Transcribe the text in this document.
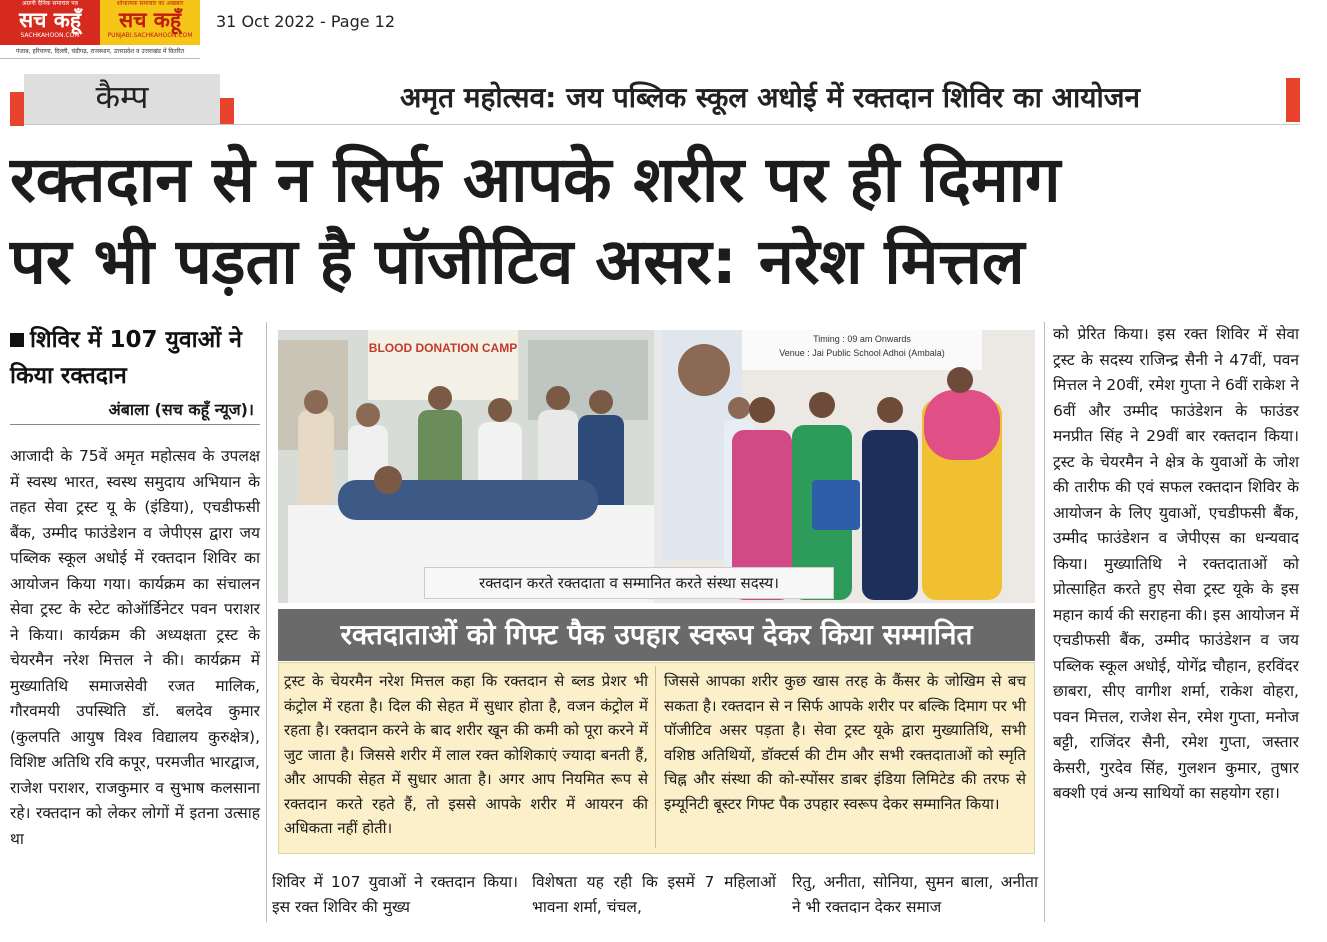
अग्रणी दैनिक समाचार पत्र
सच कहूँ
SACHKAHOON.COM
शोधात्मक समाचार का अखबार
सच कहूँ
PUNJABI.SACHKAHOON.COM
पंजाब, हरियाणा, दिल्ली, चंडीगढ़, राजस्थान, उत्तरप्रदेश व उत्तराखंड में वितरित
31 Oct 2022 - Page 12
कैम्प	अमृत महोत्सव: जय पब्लिक स्कूल अधोई में रक्तदान शिविर का आयोजन
रक्तदान से न सिर्फ आपके शरीर पर ही दिमाग
पर भी पड़ता है पॉजीटिव असर: नरेश मित्तल
शिविर में 107 युवाओं ने किया रक्तदान
अंबाला (सच कहूँ न्यूज)।
आजादी के 75वें अमृत महोत्सव के उपलक्ष में स्वस्थ भारत, स्वस्थ समुदाय अभियान के तहत सेवा ट्रस्ट यू के (इंडिया), एचडीफसी बैंक, उम्मीद फाउंडेशन व जेपीएस द्वारा जय पब्लिक स्कूल अधोई में रक्तदान शिविर का आयोजन किया गया। कार्यक्रम का संचालन सेवा ट्रस्ट के स्टेट कोऑर्डिनेटर पवन पराशर ने किया। कार्यक्रम की अध्यक्षता ट्रस्ट के चेयरमैन नरेश मित्तल ने की। कार्यक्रम में मुख्यातिथि समाजसेवी रजत मालिक, गौरवमयी उपस्थिति डॉ. बलदेव कुमार (कुलपति आयुष विश्व विद्यालय कुरुक्षेत्र), विशिष्ट अतिथि रवि कपूर, परमजीत भारद्वाज, राजेश पराशर, राजकुमार व सुभाष कलसाना रहे। रक्तदान को लेकर लोगों में इतना उत्साह था
BLOOD DONATION CAMP
Timing : 09 am Onwards
Venue : Jai Public School Adhoi (Ambala)
रक्तदान करते रक्तदाता व सम्मानित करते संस्था सदस्य।
रक्तदाताओं को गिफ्ट पैक उपहार स्वरूप देकर किया सम्मानित
ट्रस्ट के चेयरमैन नरेश मित्तल कहा कि रक्तदान से ब्लड प्रेशर भी कंट्रोल में रहता है। दिल की सेहत में सुधार होता है, वजन कंट्रोल में रहता है। रक्तदान करने के बाद शरीर खून की कमी को पूरा करने में जुट जाता है। जिससे शरीर में लाल रक्त कोशिकाएं ज्यादा बनती हैं, और आपकी सेहत में सुधार आता है। अगर आप नियमित रूप से रक्तदान करते रहते हैं, तो इससे आपके शरीर में आयरन की अधिकता नहीं होती।
जिससे आपका शरीर कुछ खास तरह के कैंसर के जोखिम से बच सकता है। रक्तदान से न सिर्फ आपके शरीर पर बल्कि दिमाग पर भी पॉजीटिव असर पड़ता है। सेवा ट्रस्ट यूके द्वारा मुख्यातिथि, सभी वशिष्ठ अतिथियों, डॉक्टर्स की टीम और सभी रक्तदाताओं को स्मृति चिह्न और संस्था की को-स्पोंसर डाबर इंडिया लिमिटेड की तरफ से इम्यूनिटी बूस्टर गिफ्ट पैक उपहार स्वरूप देकर सम्मानित किया।
शिविर में 107 युवाओं ने रक्तदान किया। इस रक्त शिविर की मुख्य
विशेषता यह रही कि इसमें 7 महिलाओं भावना शर्मा, चंचल,
रितु, अनीता, सोनिया, सुमन बाला, अनीता ने भी रक्तदान देकर समाज
को प्रेरित किया। इस रक्त शिविर में सेवा ट्रस्ट के सदस्य राजिन्द्र सैनी ने 47वीं, पवन मित्तल ने 20वीं, रमेश गुप्ता ने 6वीं राकेश ने 6वीं और उम्मीद फाउंडेशन के फाउंडर मनप्रीत सिंह ने 29वीं बार रक्तदान किया। ट्रस्ट के चेयरमैन ने क्षेत्र के युवाओं के जोश की तारीफ की एवं सफल रक्तदान शिविर के आयोजन के लिए युवाओं, एचडीफसी बैंक, उम्मीद फाउंडेशन व जेपीएस का धन्यवाद किया। मुख्यातिथि ने रक्तदाताओं को प्रोत्साहित करते हुए सेवा ट्रस्ट यूके के इस महान कार्य की सराहना की। इस आयोजन में एचडीफसी बैंक, उम्मीद फाउंडेशन व जय पब्लिक स्कूल अधोई, योगेंद्र चौहान, हरविंदर छाबरा, सीए वागीश शर्मा, राकेश वोहरा, पवन मित्तल, राजेश सेन, रमेश गुप्ता, मनोज बट्टी, राजिंदर सैनी, रमेश गुप्ता, जस्तार केसरी, गुरदेव सिंह, गुलशन कुमार, तुषार बक्शी एवं अन्य साथियों का सहयोग रहा।
